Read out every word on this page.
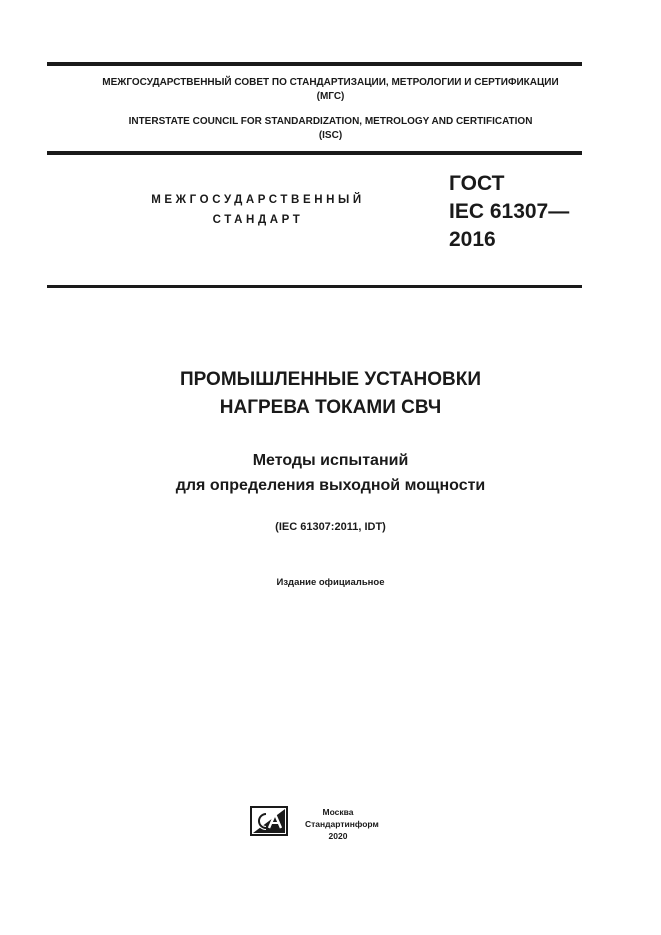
МЕЖГОСУДАРСТВЕННЫЙ СОВЕТ ПО СТАНДАРТИЗАЦИИ, МЕТРОЛОГИИ И СЕРТИФИКАЦИИ
(МГС)
INTERSTATE COUNCIL FOR STANDARDIZATION, METROLOGY AND CERTIFICATION
(ISC)
МЕЖГОСУДАРСТВЕННЫЙ
СТАНДАРТ
ГОСТ
IEC 61307—
2016
ПРОМЫШЛЕННЫЕ УСТАНОВКИ
НАГРЕВА ТОКАМИ СВЧ
Методы испытаний
для определения выходной мощности
(IEC 61307:2011, IDT)
Издание официальное
Москва
Стандартинформ
2020
